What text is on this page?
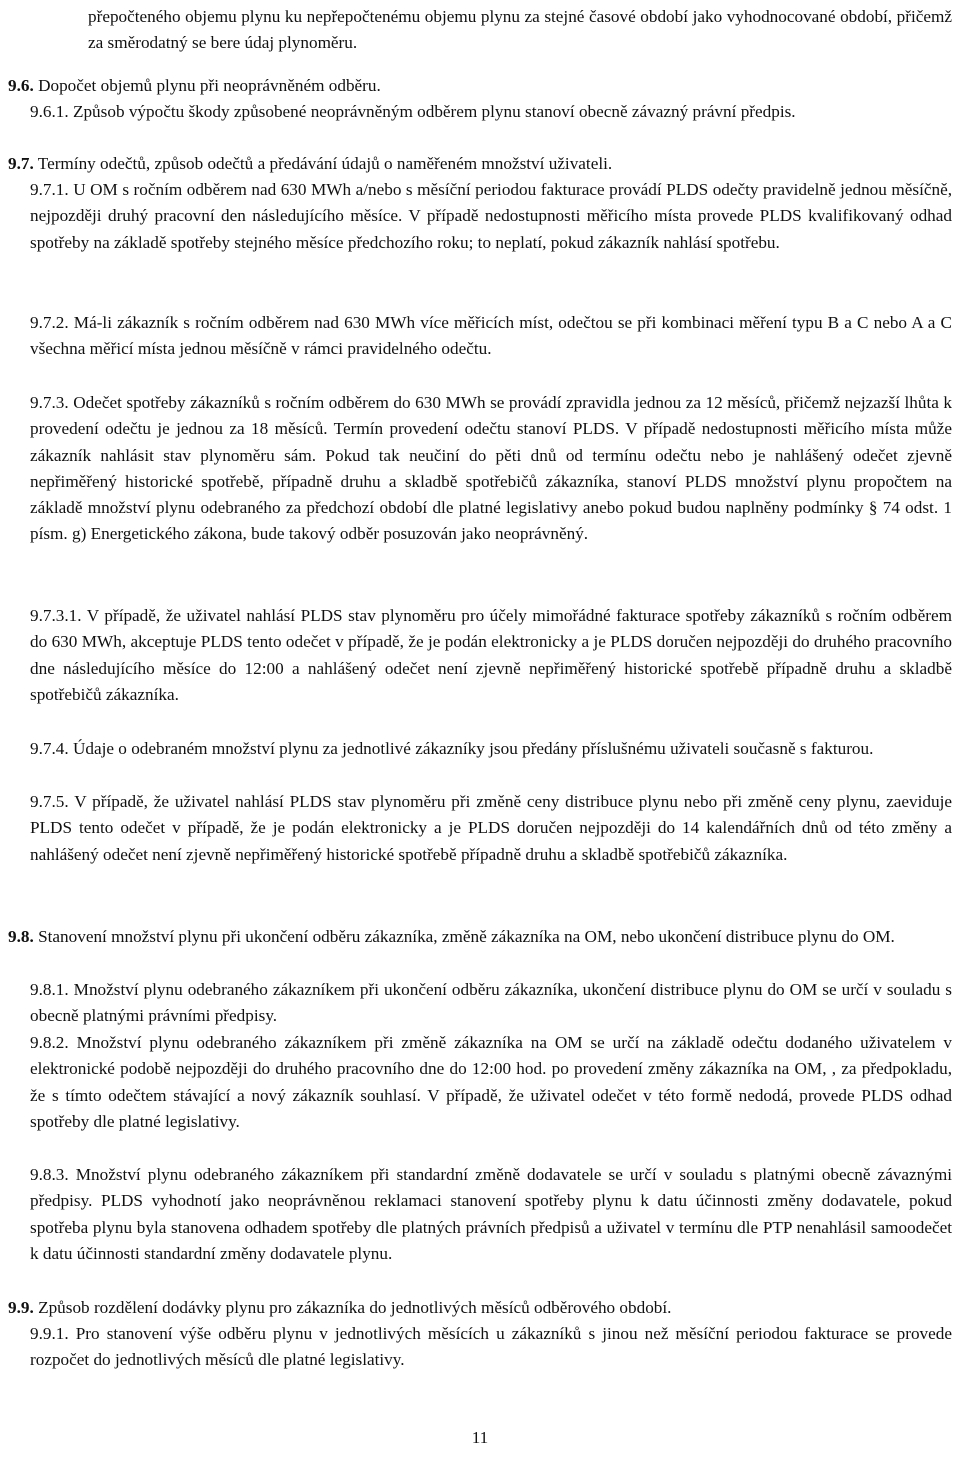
přepočteného objemu plynu ku nepřepočtenému objemu plynu za stejné časové období jako vyhodnocované období, přičemž za směrodatný se bere údaj plynoměru.

9.6. Dopočet objemů plynu při neoprávněném odběru.

9.6.1. Způsob výpočtu škody způsobené neoprávněným odběrem plynu stanoví obecně závazný právní předpis.

9.7. Termíny odečtů, způsob odečtů a předávání údajů o naměřeném množství uživateli.

9.7.1. U OM s ročním odběrem nad 630 MWh a/nebo s měsíční periodou fakturace provádí PLDS odečty pravidelně jednou měsíčně, nejpozději druhý pracovní den následujícího měsíce. V případě nedostupnosti měřicího místa provede PLDS kvalifikovaný odhad spotřeby na základě spotřeby stejného měsíce předchozího roku; to neplatí, pokud zákazník nahlásí spotřebu.

9.7.2. Má-li zákazník s ročním odběrem nad 630 MWh více měřicích míst, odečtou se při kombinaci měření typu B a C nebo A a C všechna měřicí místa jednou měsíčně v rámci pravidelného odečtu.

9.7.3. Odečet spotřeby zákazníků s ročním odběrem do 630 MWh se provádí zpravidla jednou za 12 měsíců, přičemž nejzazší lhůta k provedení odečtu je jednou za 18 měsíců. Termín provedení odečtu stanoví PLDS. V případě nedostupnosti měřicího místa může zákazník nahlásit stav plynoměru sám. Pokud tak neučiní do pěti dnů od termínu odečtu nebo je nahlášený odečet zjevně nepřiměřený historické spotřebě, případně druhu a skladbě spotřebičů zákazníka, stanoví PLDS množství plynu propočtem na základě množství plynu odebraného za předchozí období dle platné legislativy anebo pokud budou naplněny podmínky § 74 odst. 1 písm. g) Energetického zákona, bude takový odběr posuzován jako neoprávněný.

9.7.3.1. V případě, že uživatel nahlásí PLDS stav plynoměru pro účely mimořádné fakturace spotřeby zákazníků s ročním odběrem do 630 MWh, akceptuje PLDS tento odečet v případě, že je podán elektronicky a je PLDS doručen nejpozději do druhého pracovního dne následujícího měsíce do 12:00 a nahlášený odečet není zjevně nepřiměřený historické spotřebě případně druhu a skladbě spotřebičů zákazníka.

9.7.4. Údaje o odebraném množství plynu za jednotlivé zákazníky jsou předány příslušnému uživateli současně s fakturou.

9.7.5. V případě, že uživatel nahlásí PLDS stav plynoměru při změně ceny distribuce plynu nebo při změně ceny plynu, zaeviduje PLDS tento odečet v případě, že je podán elektronicky a je PLDS doručen nejpozději do 14 kalendářních dnů od této změny a nahlášený odečet není zjevně nepřiměřený historické spotřebě případně druhu a skladbě spotřebičů zákazníka.

9.8. Stanovení množství plynu při ukončení odběru zákazníka, změně zákazníka na OM, nebo ukončení distribuce plynu do OM.

9.8.1. Množství plynu odebraného zákazníkem při ukončení odběru zákazníka, ukončení distribuce plynu do OM se určí v souladu s obecně platnými právními předpisy.

9.8.2. Množství plynu odebraného zákazníkem při změně zákazníka na OM se určí na základě odečtu dodaného uživatelem v elektronické podobě nejpozději do druhého pracovního dne do 12:00 hod. po provedení změny zákazníka na OM, , za předpokladu, že s tímto odečtem stávající a nový zákazník souhlasí. V případě, že uživatel odečet v této formě nedodá, provede PLDS odhad spotřeby dle platné legislativy.

9.8.3. Množství plynu odebraného zákazníkem při standardní změně dodavatele se určí v souladu s platnými obecně závaznými předpisy. PLDS vyhodnotí jako neoprávněnou reklamaci stanovení spotřeby plynu k datu účinnosti změny dodavatele, pokud spotřeba plynu byla stanovena odhadem spotřeby dle platných právních předpisů a uživatel v termínu dle PTP nenahlásil samoodečet k datu účinnosti standardní změny dodavatele plynu.

9.9. Způsob rozdělení dodávky plynu pro zákazníka do jednotlivých měsíců odběrového období.

9.9.1. Pro stanovení výše odběru plynu v jednotlivých měsících u zákazníků s jinou než měsíční periodou fakturace se provede rozpočet do jednotlivých měsíců dle platné legislativy.

11
